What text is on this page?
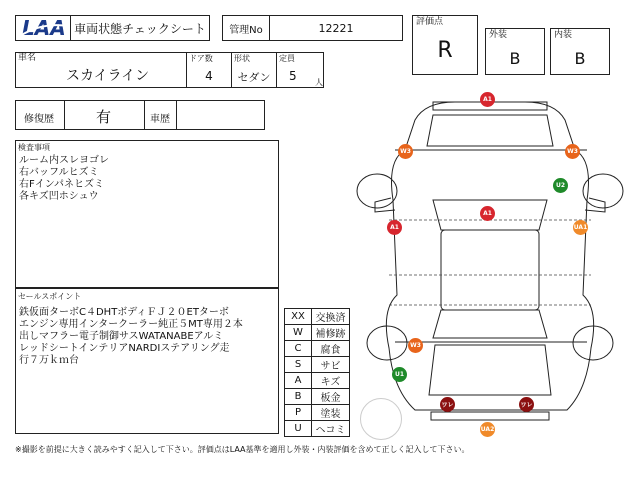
LAA 車両状態チェックシート 管理No	12221	評価点
R
外装
B
内装
B
車名
スカイライン
ドア数
4
形状
セダン
定員
5 人
修復歴	有	車歴
検査事項
ルーム内スレヨゴレ
右バッフルヒズミ
右Fインパネヒズミ
各キズ凹ホシュウ
セールスポイント
鉄仮面ターボC４DHTボディＦＪ２０ETターボ
エンジン専用インタークーラー純正５MT専用２本
出しマフラー電子制御サスWATANABEアルミ
レッドシートインテリアNARDIステアリング走
行７万ｋｍ台
XX	交換済
W	補修跡
C	腐食
S	サビ
A	キズ
B	板金
P	塗装
U	ヘコミ
A1
W3	W3
U2
A1
A1	UA1
W3
U1
ワレ	ワレ
UA2
※撮影を前提に大きく読みやすく記入して下さい。評価点はLAA基準を適用し外装・内装評価を含めて正しく記入して下さい。
